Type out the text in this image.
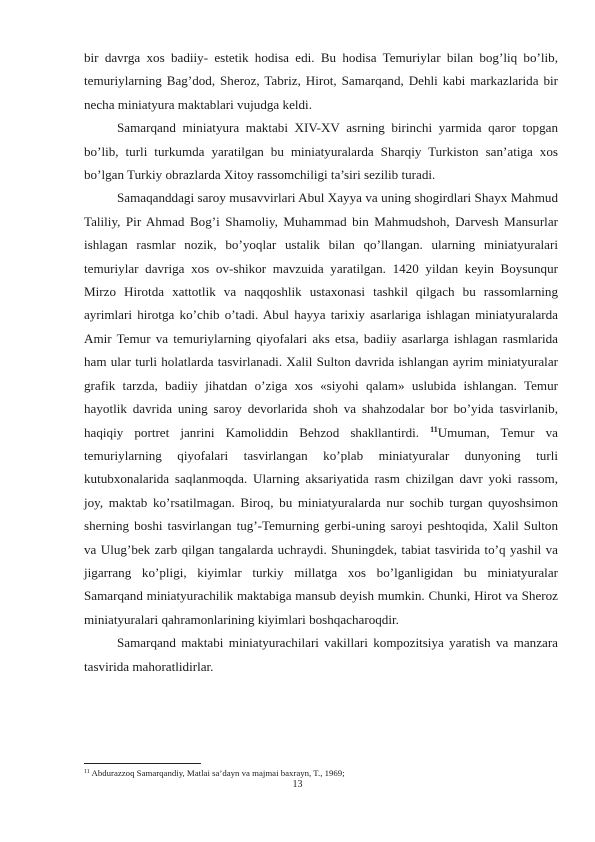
bir davrga xos badiiy- estetik hodisa edi. Bu hodisa Temuriylar bilan bog’liq bo’lib, temuriylarning Bag’dod, Sheroz, Tabriz, Hirot, Samarqand, Dehli kabi markazlarida bir necha miniatyura maktablari vujudga keldi.

Samarqand miniatyura maktabi XIV-XV asrning birinchi yarmida qaror topgan bo’lib, turli turkumda yaratilgan bu miniatyuralarda Sharqiy Turkiston san’atiga xos bo’lgan Turkiy obrazlarda Xitoy rassomchiligi ta’siri sezilib turadi.

Samaqanddagi saroy musavvirlari Abul Xayya va uning shogirdlari Shayx Mahmud Taliliy, Pir Ahmad Bog’i Shamoliy, Muhammad bin Mahmudshoh, Darvesh Mansurlar ishlagan rasmlar nozik, bo’yoqlar ustalik bilan qo’llangan. ularning miniatyuralari temuriylar davriga xos ov-shikor mavzuida yaratilgan. 1420 yildan keyin Boysunqur Mirzo Hirotda xattotlik va naqqoshlik ustaxonasi tashkil qilgach bu rassomlarning ayrimlari hirotga ko’chib o’tadi. Abul hayya tarixiy asarlariga ishlagan miniatyuralarda Amir Temur va temuriylarning qiyofalari aks etsa, badiiy asarlarga ishlagan rasmlarida ham ular turli holatlarda tasvirlanadi. Xalil Sulton davrida ishlangan ayrim miniatyuralar grafik tarzda, badiiy jihatdan o’ziga xos «siyohi qalam» uslubida ishlangan. Temur hayotlik davrida uning saroy devorlarida shoh va shahzodalar bor bo’yida tasvirlanib, haqiqiy portret janrini Kamoliddin Behzod shakllantirdi. $^{11}$Umuman, Temur va temuriylarning qiyofalari tasvirlangan ko’plab miniatyuralar dunyoning turli kutubxonalarida saqlanmoqda. Ularning aksariyatida rasm chizilgan davr yoki rassom, joy, maktab ko’rsatilmagan. Biroq, bu miniatyuralarda nur sochib turgan quyoshsimon sherning boshi tasvirlangan tug’-Temurning gerbi-uning saroyi peshtoqida, Xalil Sulton va Ulug’bek zarb qilgan tangalarda uchraydi. Shuningdek, tabiat tasvirida to’q yashil va jigarrang ko’pligi, kiyimlar turkiy millatga xos bo’lganligidan bu miniatyuralar Samarqand miniatyurachilik maktabiga mansub deyish mumkin. Chunki, Hirot va Sheroz miniatyuralari qahramonlarining kiyimlari boshqacharoqdir.

Samarqand maktabi miniatyurachilari vakillari kompozitsiya yaratish va manzara tasvirida mahoratlidirlar.

$^{11}$ Abdurazzoq Samarqandiy, Matlai sa’dayn va majmai baxrayn, T., 1969;
13
